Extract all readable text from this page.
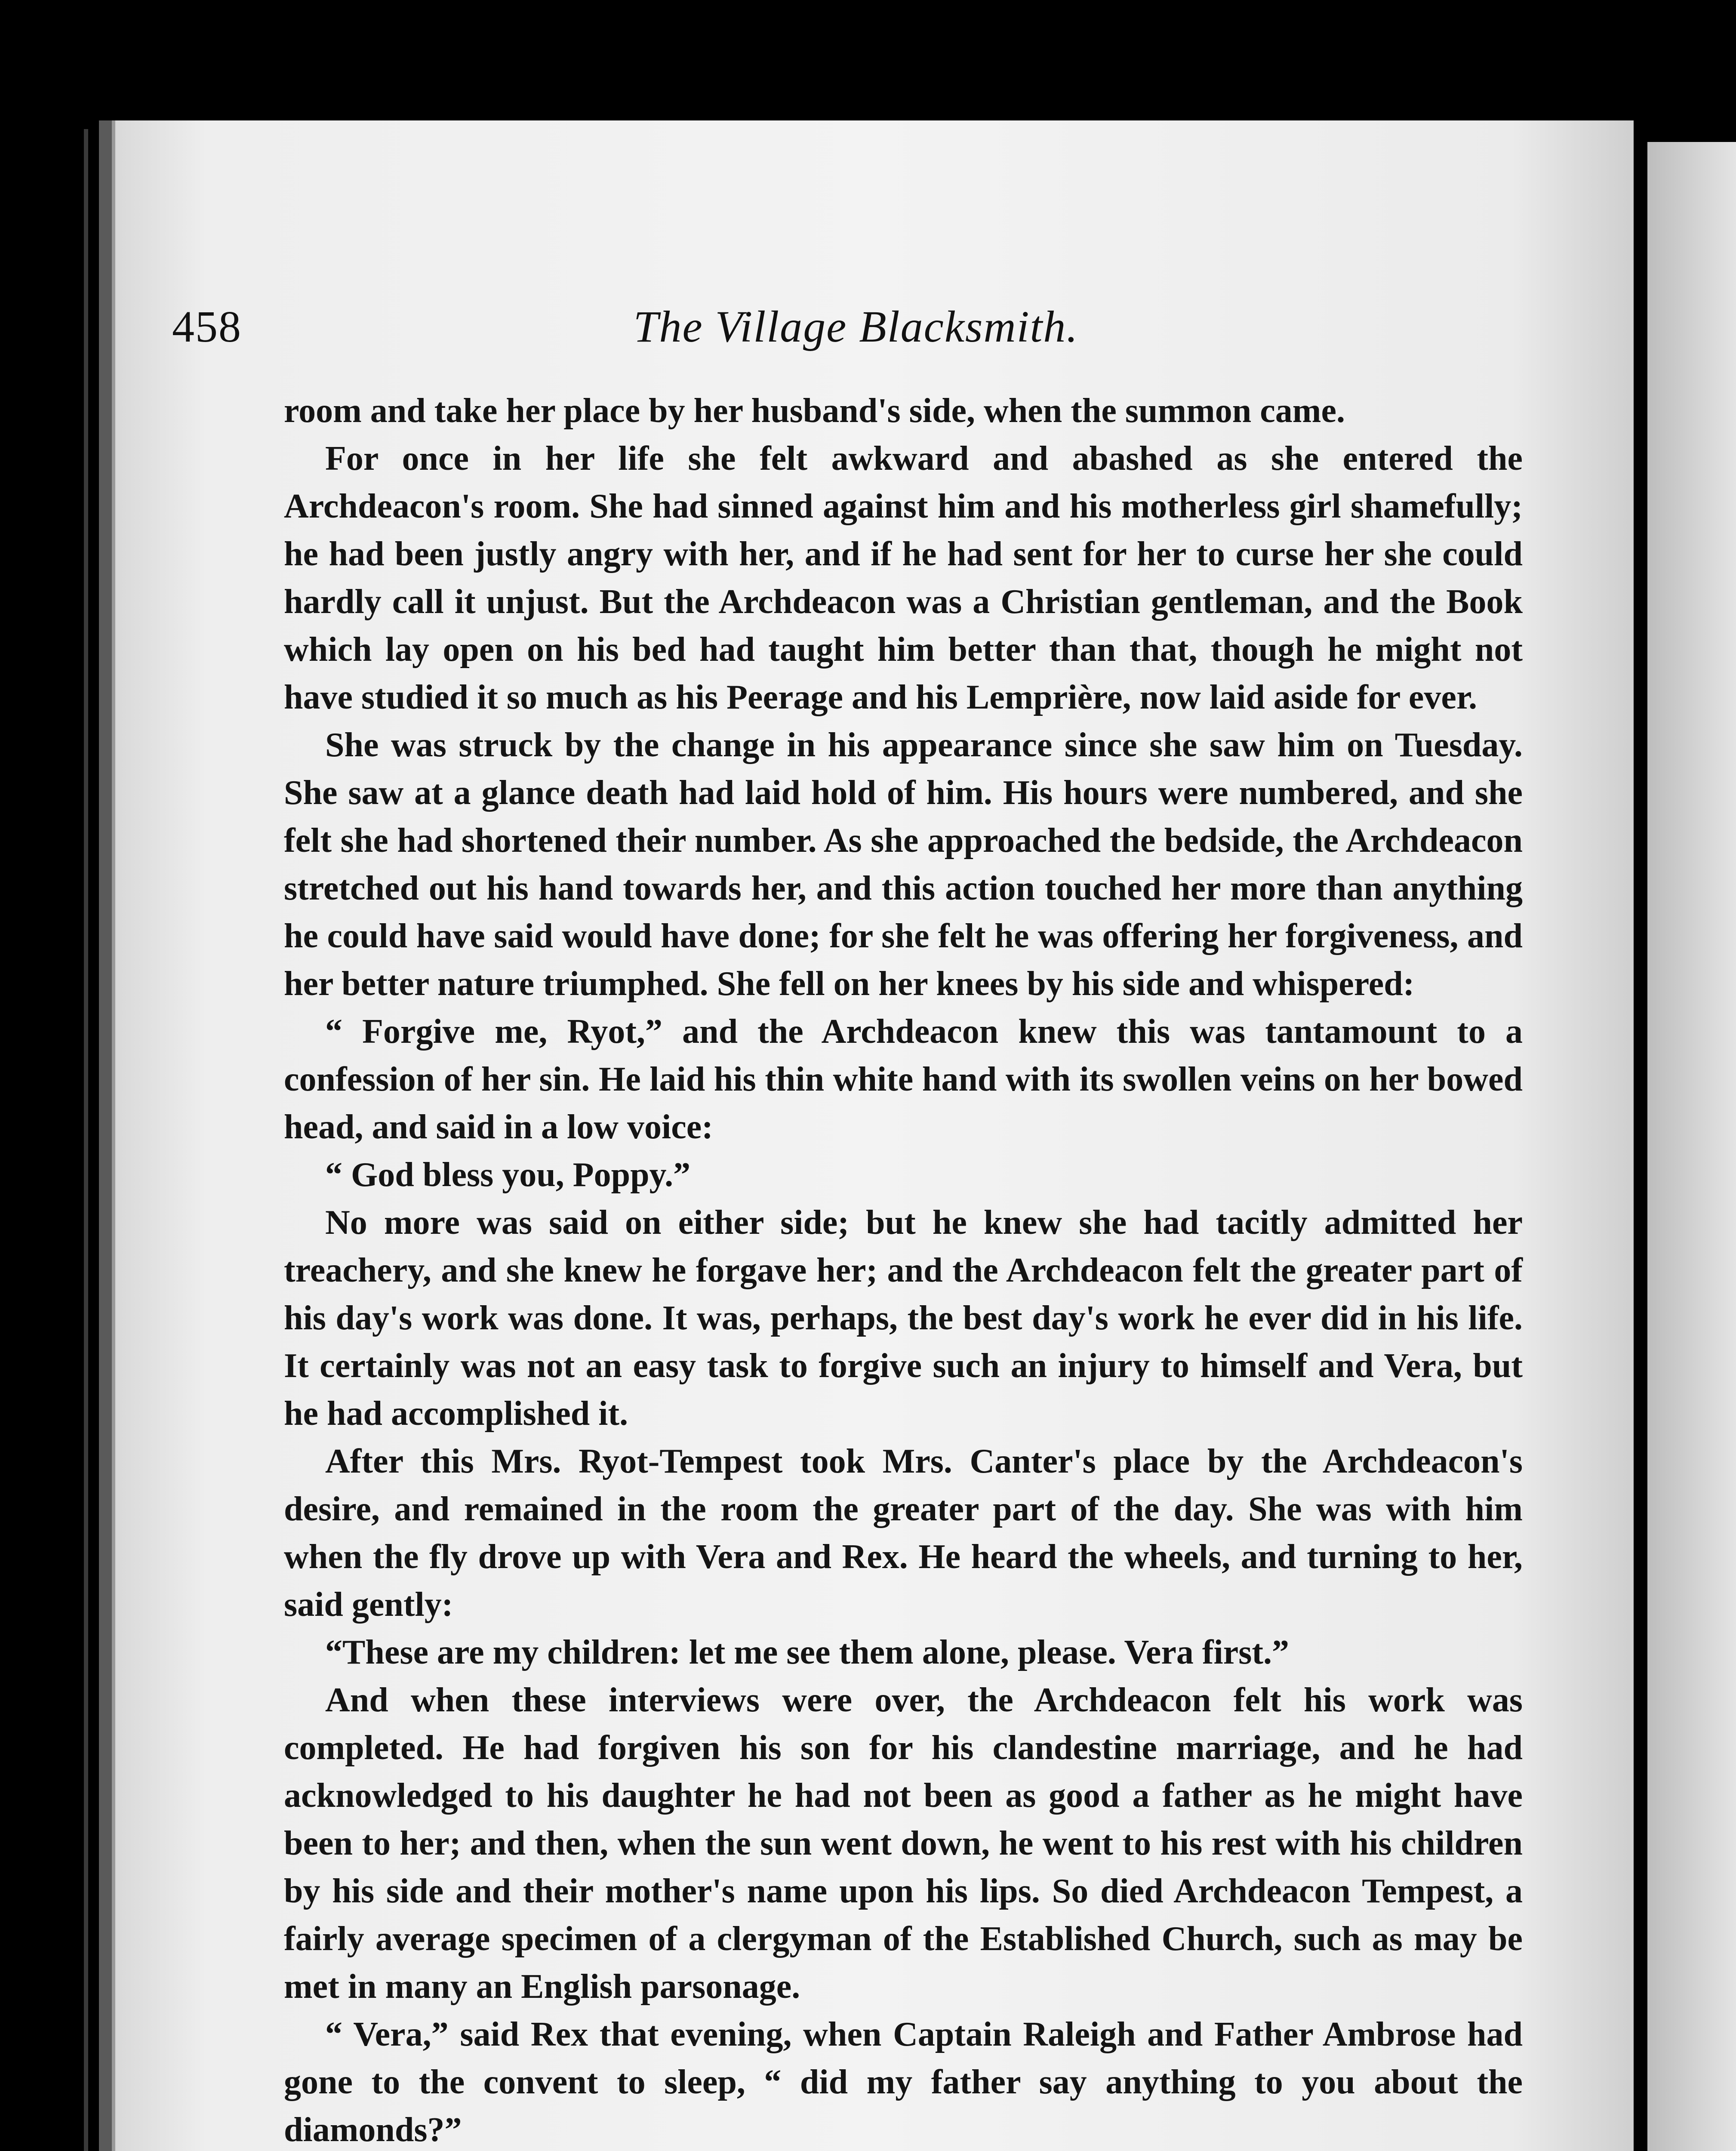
458	The Village Blacksmith.

room and take her place by her husband's side, when the summon came.

For once in her life she felt awkward and abashed as she entered the Archdeacon's room. She had sinned against him and his motherless girl shamefully; he had been justly angry with her, and if he had sent for her to curse her she could hardly call it unjust. But the Archdeacon was a Christian gentleman, and the Book which lay open on his bed had taught him better than that, though he might not have studied it so much as his Peerage and his Lemprière, now laid aside for ever.

She was struck by the change in his appearance since she saw him on Tuesday. She saw at a glance death had laid hold of him. His hours were numbered, and she felt she had shortened their number. As she approached the bedside, the Archdeacon stretched out his hand towards her, and this action touched her more than anything he could have said would have done; for she felt he was offering her forgiveness, and her better nature triumphed. She fell on her knees by his side and whispered:

“ Forgive me, Ryot,” and the Archdeacon knew this was tantamount to a confession of her sin. He laid his thin white hand with its swollen veins on her bowed head, and said in a low voice:

“ God bless you, Poppy.”

No more was said on either side; but he knew she had tacitly admitted her treachery, and she knew he forgave her; and the Archdeacon felt the greater part of his day's work was done. It was, perhaps, the best day's work he ever did in his life. It certainly was not an easy task to forgive such an injury to himself and Vera, but he had accomplished it.

After this Mrs. Ryot-Tempest took Mrs. Canter's place by the Archdeacon's desire, and remained in the room the greater part of the day. She was with him when the fly drove up with Vera and Rex. He heard the wheels, and turning to her, said gently:

“These are my children: let me see them alone, please. Vera first.”

And when these interviews were over, the Archdeacon felt his work was completed. He had forgiven his son for his clandestine marriage, and he had acknowledged to his daughter he had not been as good a father as he might have been to her; and then, when the sun went down, he went to his rest with his children by his side and their mother's name upon his lips. So died Archdeacon Tempest, a fairly average specimen of a clergyman of the Established Church, such as may be met in many an English parsonage.

“ Vera,” said Rex that evening, when Captain Raleigh and Father Ambrose had gone to the convent to sleep, “ did my father say anything to you about the diamonds?”
